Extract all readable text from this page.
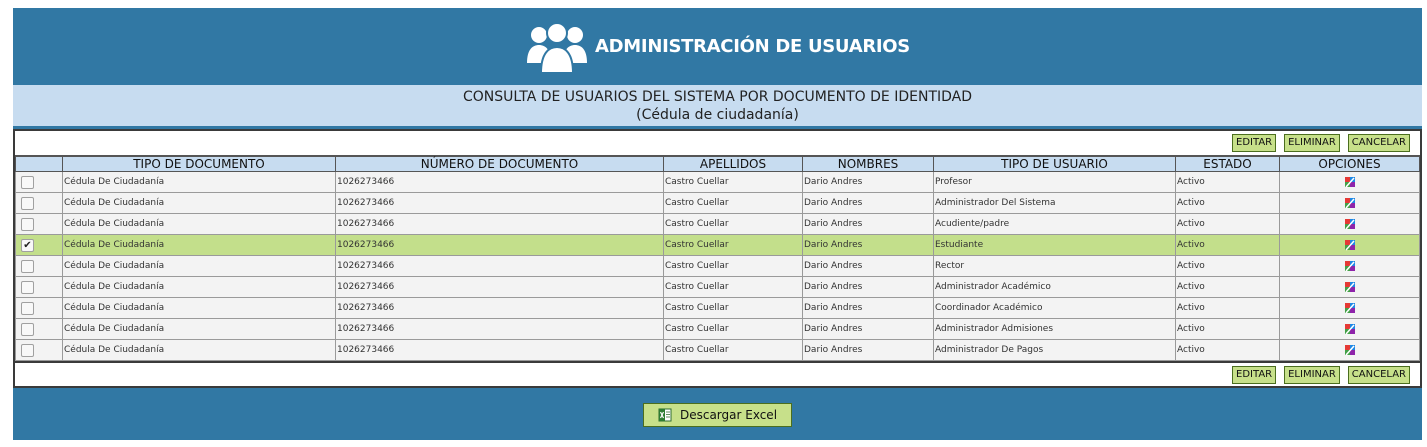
ADMINISTRACIÓN DE USUARIOS
CONSULTA DE USUARIOS DEL SISTEMA POR DOCUMENTO DE IDENTIDAD
(Cédula de ciudadanía)
EDITAR	ELIMINAR	CANCELAR
	TIPO DE DOCUMENTO	NÚMERO DE DOCUMENTO	APELLIDOS	NOMBRES	TIPO DE USUARIO	ESTADO	OPCIONES
	Cédula De Ciudadanía	1026273466	Castro Cuellar	Dario Andres	Profesor	Activo	
	Cédula De Ciudadanía	1026273466	Castro Cuellar	Dario Andres	Administrador Del Sistema	Activo	
	Cédula De Ciudadanía	1026273466	Castro Cuellar	Dario Andres	Acudiente/padre	Activo	
✔	Cédula De Ciudadanía	1026273466	Castro Cuellar	Dario Andres	Estudiante	Activo	
	Cédula De Ciudadanía	1026273466	Castro Cuellar	Dario Andres	Rector	Activo	
	Cédula De Ciudadanía	1026273466	Castro Cuellar	Dario Andres	Administrador Académico	Activo	
	Cédula De Ciudadanía	1026273466	Castro Cuellar	Dario Andres	Coordinador Académico	Activo	
	Cédula De Ciudadanía	1026273466	Castro Cuellar	Dario Andres	Administrador Admisiones	Activo	
	Cédula De Ciudadanía	1026273466	Castro Cuellar	Dario Andres	Administrador De Pagos	Activo	
EDITAR	ELIMINAR	CANCELAR
Descargar Excel
